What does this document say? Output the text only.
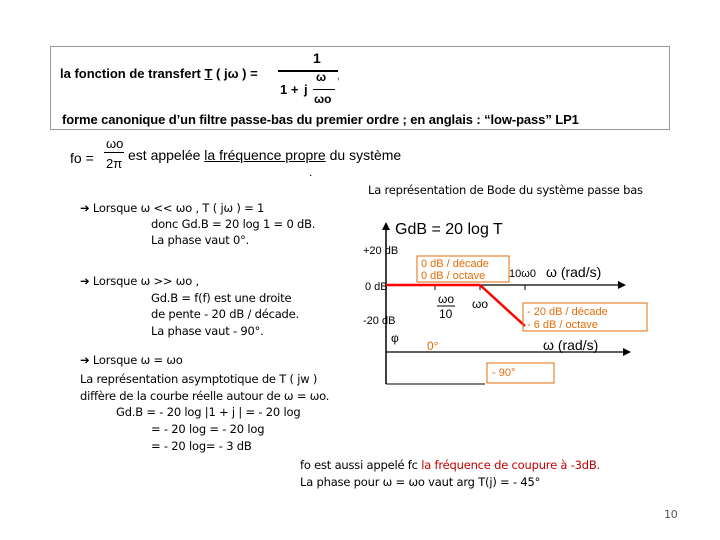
la fonction de transfert T ( jω ) =
1
ω ,
1 + j
ωo
forme canonique d’un filtre passe-bas du premier ordre ; en anglais : “low-pass” LP1
fo =
ωo
2π
est appelée la fréquence propre du système
.
La représentation de Bode du système passe bas
➔ Lorsque ω << ωo , T ( jω ) = 1
donc Gd.B = 20 log 1 = 0 dB.
La phase vaut 0°.
➔ Lorsque ω >> ωo ,
Gd.B = f(f) est une droite
de pente - 20 dB / décade.
La phase vaut - 90°.
➔ Lorsque ω = ωo
La représentation asymptotique de T ( jw )
diffère de la courbe réelle autour de ω = ωo.
Gd.B = - 20 log |1 + j | = - 20 log
= - 20 log = - 20 log
= - 20 log= - 3 dB
fo est aussi appelé fc la fréquence de coupure à -3dB.
La phase pour ω = ωo vaut arg T(j) = - 45°
GdB = 20 log T
+20 dB
0 dB
-20 dB
0 dB / décade
0 dB / octave 10ω0 ω (rad/s)
ωo
10
ωo
- 20 dB / décade
- 6 dB / octave
φ
0°	ω (rad/s)
- 90°
10
